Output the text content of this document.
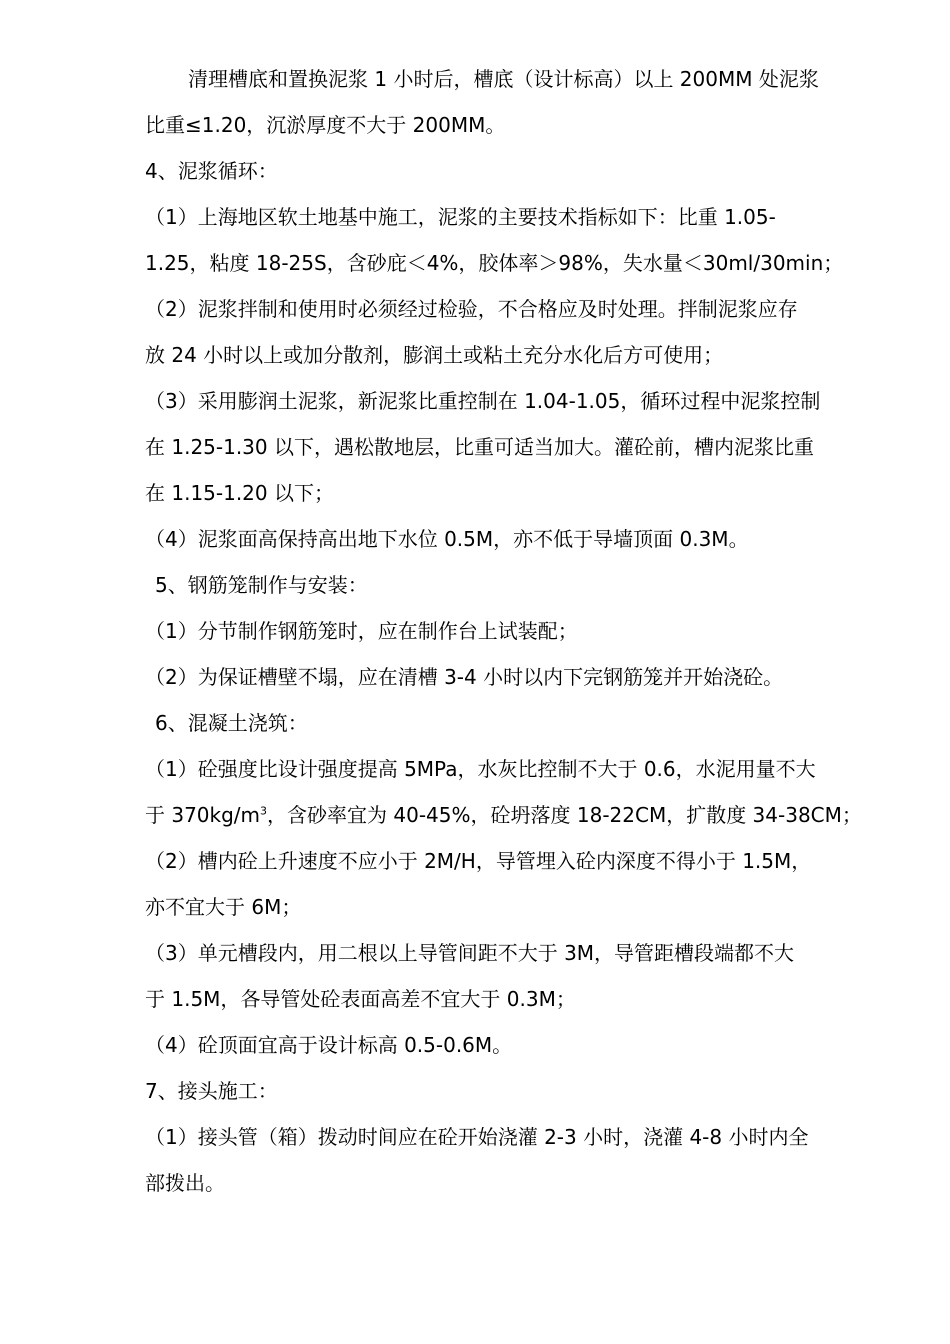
清理槽底和置换泥浆 1 小时后，槽底（设计标高）以上 200MM 处泥浆
比重≤1.20，沉淤厚度不大于 200MM。
4、泥浆循环：
（1）上海地区软土地基中施工，泥浆的主要技术指标如下：比重 1.05-
1.25，粘度 18-25S，含砂庇＜4%，胶体率＞98%，失水量＜30ml/30min；
（2）泥浆拌制和使用时必须经过检验，不合格应及时处理。拌制泥浆应存
放 24 小时以上或加分散剂，膨润土或粘土充分水化后方可使用；
（3）采用膨润土泥浆，新泥浆比重控制在 1.04-1.05，循环过程中泥浆控制
在 1.25-1.30 以下，遇松散地层，比重可适当加大。灌砼前，槽内泥浆比重
在 1.15-1.20 以下；
（4）泥浆面高保持高出地下水位 0.5M，亦不低于导墙顶面 0.3M。
5、钢筋笼制作与安装：
（1）分节制作钢筋笼时，应在制作台上试装配；
（2）为保证槽壁不塌，应在清槽 3-4 小时以内下完钢筋笼并开始浇砼。
6、混凝土浇筑：
（1）砼强度比设计强度提高 5MPa，水灰比控制不大于 0.6，水泥用量不大
于 $370kg/m^3$，含砂率宜为 40-45%，砼坍落度 18-22CM，扩散度 34-38CM；
（2）槽内砼上升速度不应小于 2M/H，导管埋入砼内深度不得小于 1.5M，
亦不宜大于 6M；
（3）单元槽段内，用二根以上导管间距不大于 3M，导管距槽段端都不大
于 1.5M，各导管处砼表面高差不宜大于 0.3M；
（4）砼顶面宜高于设计标高 0.5-0.6M。
7、接头施工：
（1）接头管（箱）拨动时间应在砼开始浇灌 2-3 小时，浇灌 4-8 小时内全
部拨出。
